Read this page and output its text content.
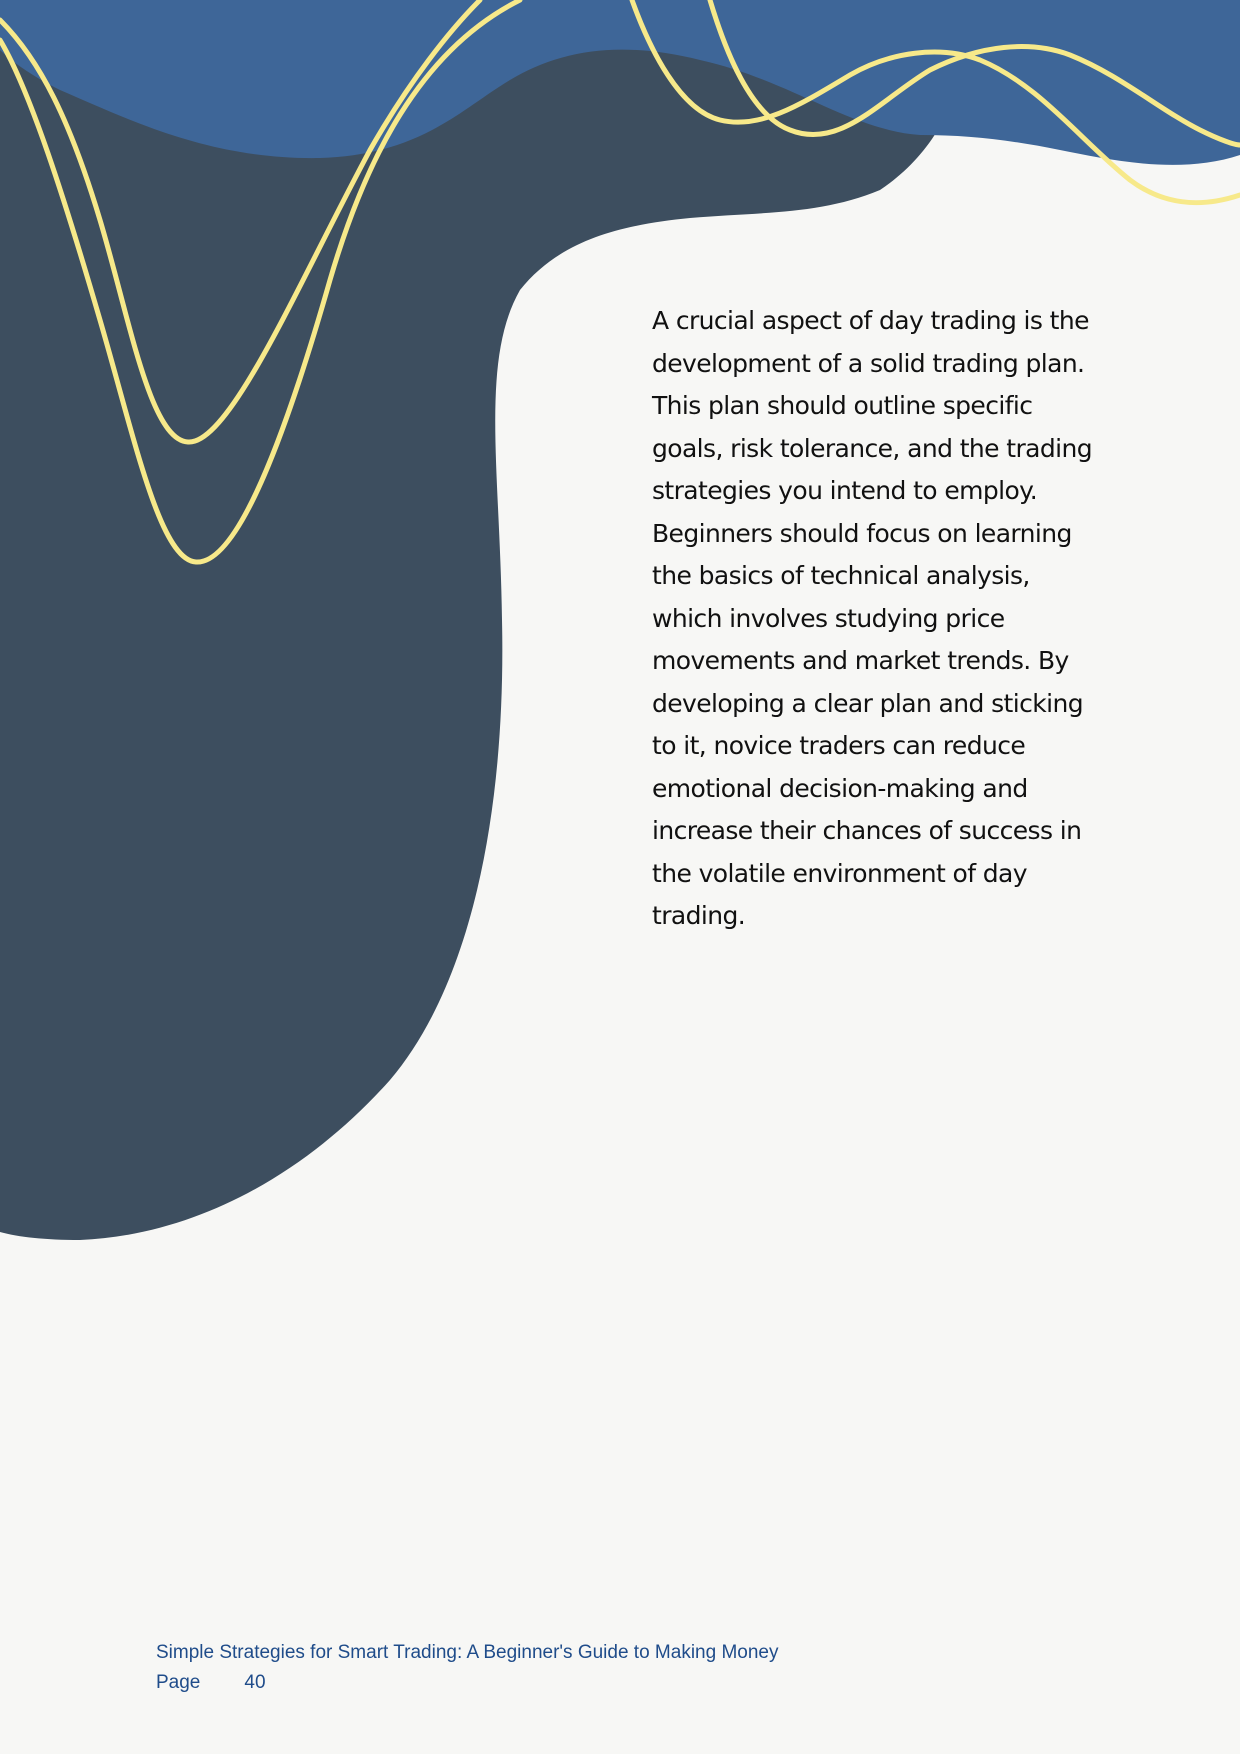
A crucial aspect of day trading is the development of a solid trading plan. This plan should outline specific goals, risk tolerance, and the trading strategies you intend to employ. Beginners should focus on learning the basics of technical analysis, which involves studying price movements and market trends. By developing a clear plan and sticking to it, novice traders can reduce emotional decision-making and increase their chances of success in the volatile environment of day trading.

Simple Strategies for Smart Trading: A Beginner's Guide to Making Money
Page 40
